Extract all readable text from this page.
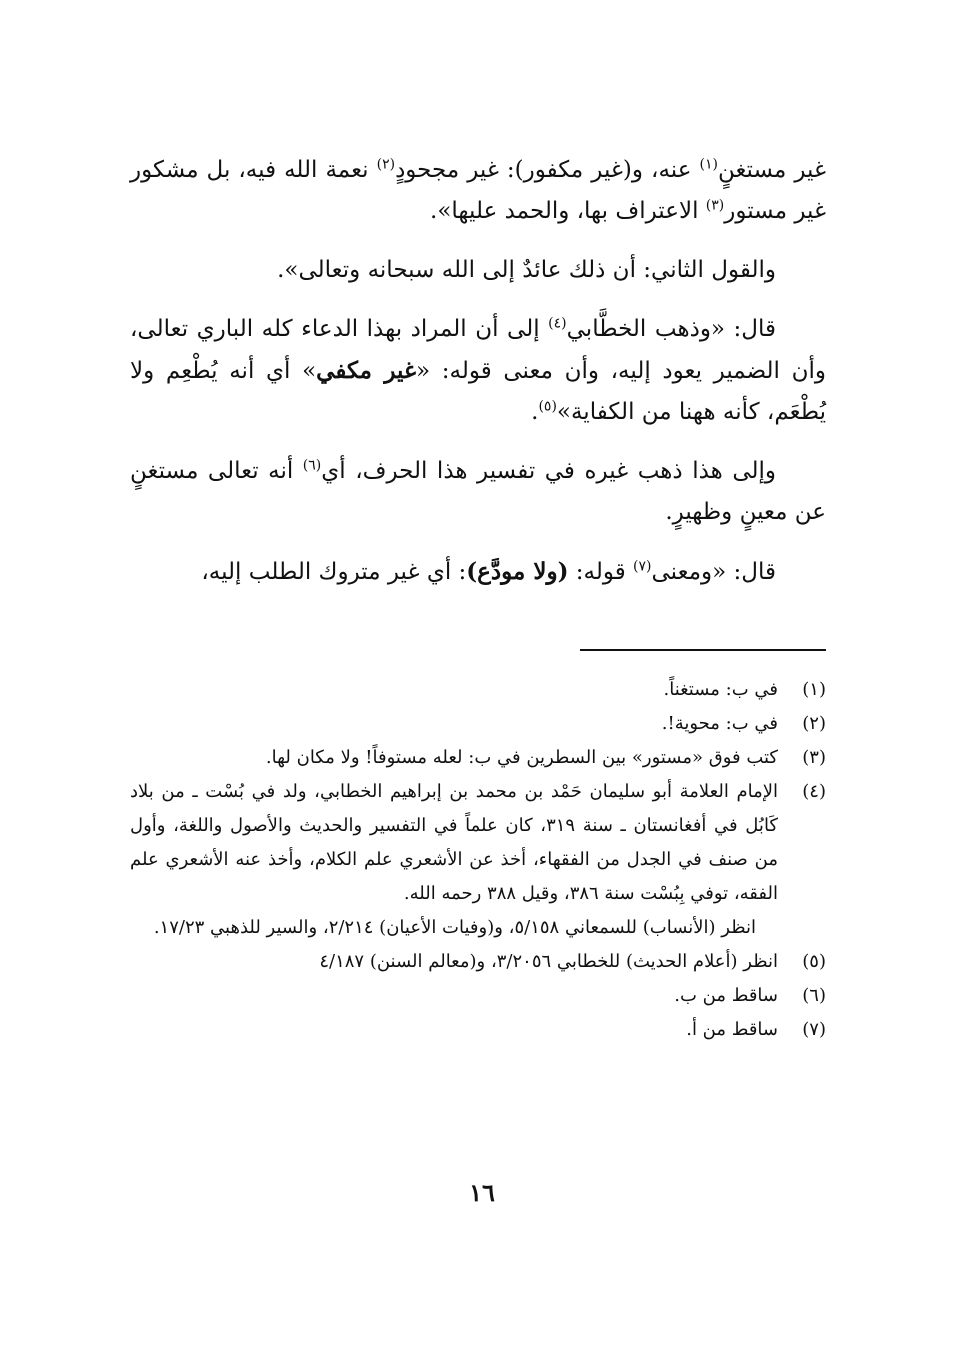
غير مستغنٍ$^{(١)}$ عنه، و(غير مكفور): غير مجحودٍ$^{(٢)}$ نعمة الله فيه، بل مشكور غير مستور$^{(٣)}$ الاعتراف بها، والحمد عليها».

والقول الثاني: أن ذلك عائدٌ إلى الله سبحانه وتعالى».

قال: «وذهب الخطَّابي$^{(٤)}$ إلى أن المراد بهذا الدعاء كله الباري تعالى، وأن الضمير يعود إليه، وأن معنى قوله: «غير مكفي» أي أنه يُطْعِم ولا يُطْعَم، كأنه ههنا من الكفاية»$^{(٥)}$.

وإلى هذا ذهب غيره في تفسير هذا الحرف، أي$^{(٦)}$ أنه تعالى مستغنٍ عن معينٍ وظهيرٍ.

قال: «ومعنى$^{(٧)}$ قوله: (ولا مودَّع): أي غير متروك الطلب إليه،

(١)
في ب: مستغناً.
(٢)
في ب: محوية!.
(٣)
كتب فوق «مستور» بين السطرين في ب: لعله مستوفاً! ولا مكان لها.
(٤)
الإمام العلامة أبو سليمان حَمْد بن محمد بن إبراهيم الخطابي، ولد في بُسْت ـ من بلاد كَابُل في أفغانستان ـ سنة ٣١٩، كان علماً في التفسير والحديث والأصول واللغة، وأول من صنف في الجدل من الفقهاء، أخذ عن الأشعري علم الكلام، وأخذ عنه الأشعري علم الفقه، توفي بِبُسْت سنة ٣٨٦، وقيل ٣٨٨ رحمه الله.
انظر (الأنساب) للسمعاني ٥/١٥٨، و(وفيات الأعيان) ٢/٢١٤، والسير للذهبي ١٧/٢٣.
(٥)
انظر (أعلام الحديث) للخطابي ٣/٢٠٥٦، و(معالم السنن) ٤/١٨٧
(٦)
ساقط من ب.
(٧)
ساقط من أ.
١٦
